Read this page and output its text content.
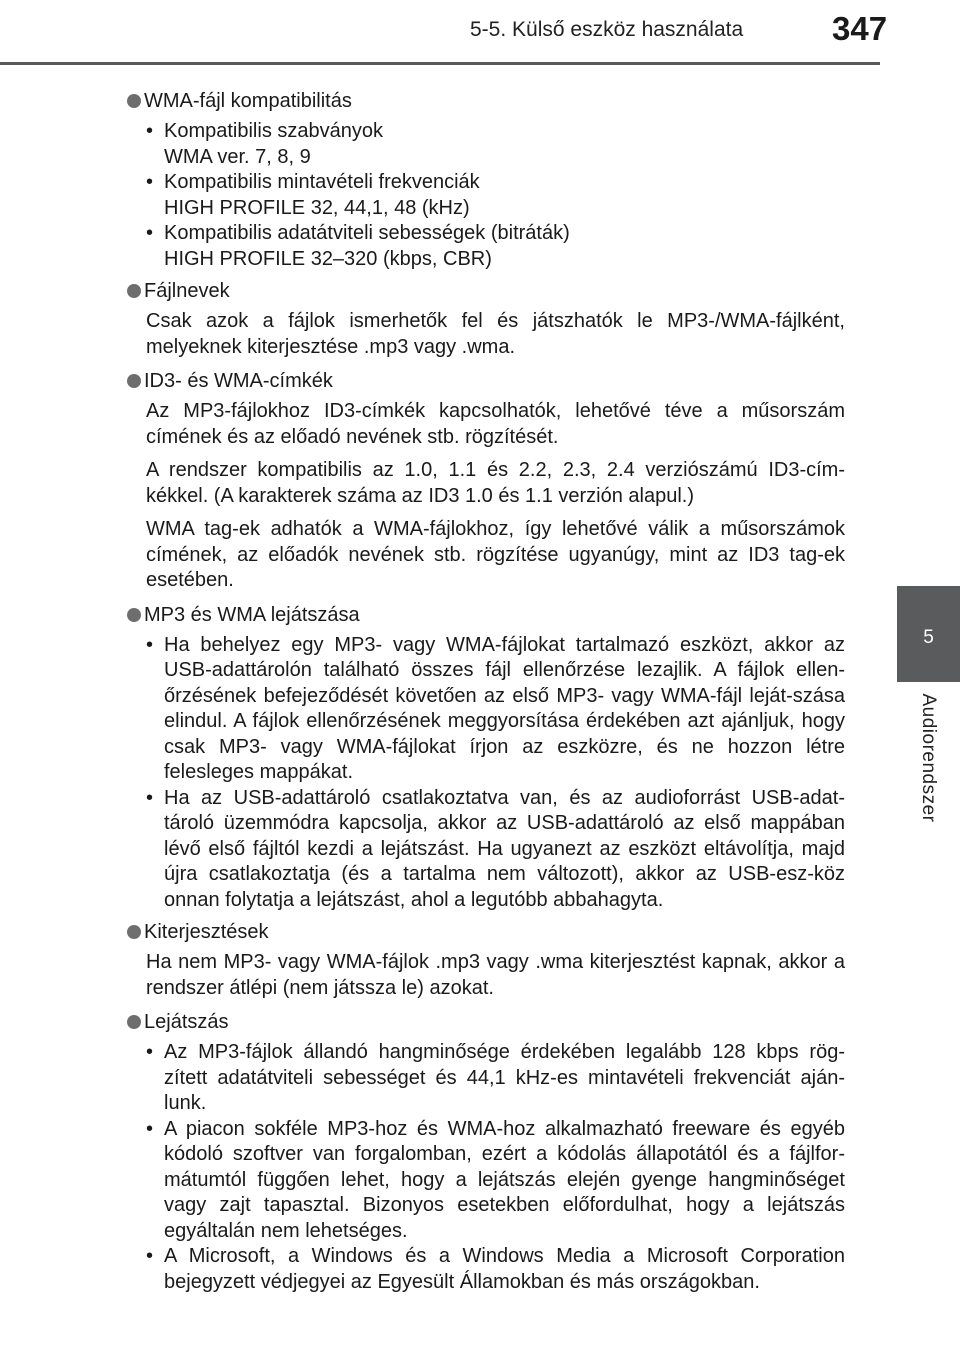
5-5. Külső eszköz használata	347
5
Audiorendszer
WMA-fájl kompatibilitás
• Kompatibilis szabványok
WMA ver. 7, 8, 9
• Kompatibilis mintavételi frekvenciák
HIGH PROFILE 32, 44,1, 48 (kHz)
• Kompatibilis adatátviteli sebességek (bitráták)
HIGH PROFILE 32–320 (kbps, CBR)
Fájlnevek
Csak azok a fájlok ismerhetők fel és játszhatók le MP3-/WMA-fájlként, melyeknek kiterjesztése .mp3 vagy .wma.
ID3- és WMA-címkék
Az MP3-fájlokhoz ID3-címkék kapcsolhatók, lehetővé téve a műsorszám címének és az előadó nevének stb. rögzítését.
A rendszer kompatibilis az 1.0, 1.1 és 2.2, 2.3, 2.4 verziószámú ID3-cím-kékkel. (A karakterek száma az ID3 1.0 és 1.1 verzión alapul.)
WMA tag-ek adhatók a WMA-fájlokhoz, így lehetővé válik a műsorszámok címének, az előadók nevének stb. rögzítése ugyanúgy, mint az ID3 tag-ek esetében.
MP3 és WMA lejátszása
• Ha behelyez egy MP3- vagy WMA-fájlokat tartalmazó eszközt, akkor az USB-adattárolón található összes fájl ellenőrzése lezajlik. A fájlok ellen-őrzésének befejeződését követően az első MP3- vagy WMA-fájl leját-szása elindul. A fájlok ellenőrzésének meggyorsítása érdekében azt ajánljuk, hogy csak MP3- vagy WMA-fájlokat írjon az eszközre, és ne hozzon létre felesleges mappákat.
• Ha az USB-adattároló csatlakoztatva van, és az audioforrást USB-adat-tároló üzemmódra kapcsolja, akkor az USB-adattároló az első mappában lévő első fájltól kezdi a lejátszást. Ha ugyanezt az eszközt eltávolítja, majd újra csatlakoztatja (és a tartalma nem változott), akkor az USB-esz-köz onnan folytatja a lejátszást, ahol a legutóbb abbahagyta.
Kiterjesztések
Ha nem MP3- vagy WMA-fájlok .mp3 vagy .wma kiterjesztést kapnak, akkor a rendszer átlépi (nem játssza le) azokat.
Lejátszás
• Az MP3-fájlok állandó hangminősége érdekében legalább 128 kbps rög-zített adatátviteli sebességet és 44,1 kHz-es mintavételi frekvenciát aján-lunk.
• A piacon sokféle MP3-hoz és WMA-hoz alkalmazható freeware és egyéb kódoló szoftver van forgalomban, ezért a kódolás állapotától és a fájlfor-mátumtól függően lehet, hogy a lejátszás elején gyenge hangminőséget vagy zajt tapasztal. Bizonyos esetekben előfordulhat, hogy a lejátszás egyáltalán nem lehetséges.
• A Microsoft, a Windows és a Windows Media a Microsoft Corporation bejegyzett védjegyei az Egyesült Államokban és más országokban.
